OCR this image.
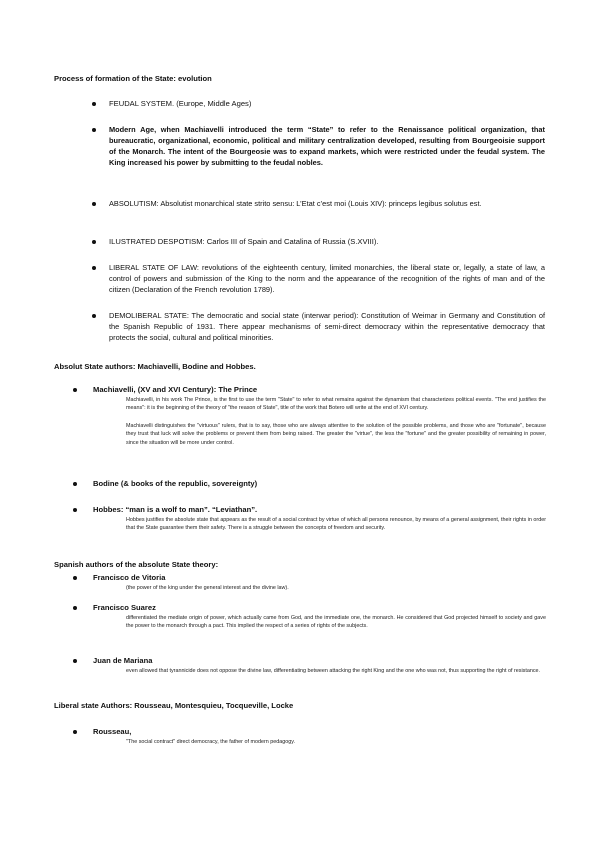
Process of formation of the State: evolution
FEUDAL SYSTEM. (Europe, Middle Ages)
Modern Age, when Machiavelli introduced the term “State” to refer to the Renaissance political organization, that bureaucratic, organizational, economic, political and military centralization developed, resulting from Bourgeoisie support of the Monarch. The intent of the Bourgeosie was to expand markets, which were restricted under the feudal system. The King increased his power by submitting to the feudal nobles.
ABSOLUTISM: Absolutist monarchical state strito sensu: L’Etat c’est moi (Louis XIV): princeps legibus solutus est.
ILUSTRATED DESPOTISM: Carlos III of Spain and Catalina of Russia (S.XVIII).
LIBERAL STATE OF LAW: revolutions of the eighteenth century, limited monarchies, the liberal state or, legally, a state of law, a control of powers and submission of the King to the norm and the appearance of the recognition of the rights of man and of the citizen (Declaration of the French revolution 1789).
DEMOLIBERAL STATE: The democratic and social state (interwar period): Constitution of Weimar in Germany and Constitution of the Spanish Republic of 1931. There appear mechanisms of semi-direct democracy within the representative democracy that protects the social, cultural and political minorities.
Absolut State authors: Machiavelli, Bodine and Hobbes.
Machiavelli, (XV and XVI Century): The Prince
Machiavelli, in his work The Prince, is the first to use the term "State" to refer to what remains against the dynamism that characterizes political events. "The end justifies the means": it is the beginning of the theory of "the reason of State", title of the work that Botero will write at the end of XVI century.
Machiavelli distinguishes the "virtuous" rulers, that is to say, those who are always attentive to the solution of the possible problems, and those who are "fortunate", because they trust that luck will solve the problems or prevent them from being raised. The greater the "virtue", the less the "fortune" and the greater possibility of remaining in power, since the situation will be more under control.
Bodine (& books of the republic, sovereignty)
Hobbes: “man is a wolf to man”. “Leviathan”.
Hobbes justifies the absolute state that appears as the result of a social contract by virtue of which all persons renounce, by means of a general assignment, their rights in order that the State guarantee them their safety. There is a struggle between the concepts of freedom and security.
Spanish authors of the absolute State theory:
Francisco de Vitoria
(the power of the king under the general interest and the divine law).
Francisco Suarez
differentiated the mediate origin of power, which actually came from God, and the immediate one, the monarch. He considered that God projected himself to society and gave the power to the monarch through a pact. This implied the respect of a series of rights of the subjects.
Juan de Mariana
even allowed that tyrannicide does not oppose the divine law, differentiating between attacking the right King and the one who was not, thus supporting the right of resistance.
Liberal state Authors: Rousseau, Montesquieu, Tocqueville, Locke
Rousseau,
"The social contract" direct democracy, the father of modern pedagogy.
